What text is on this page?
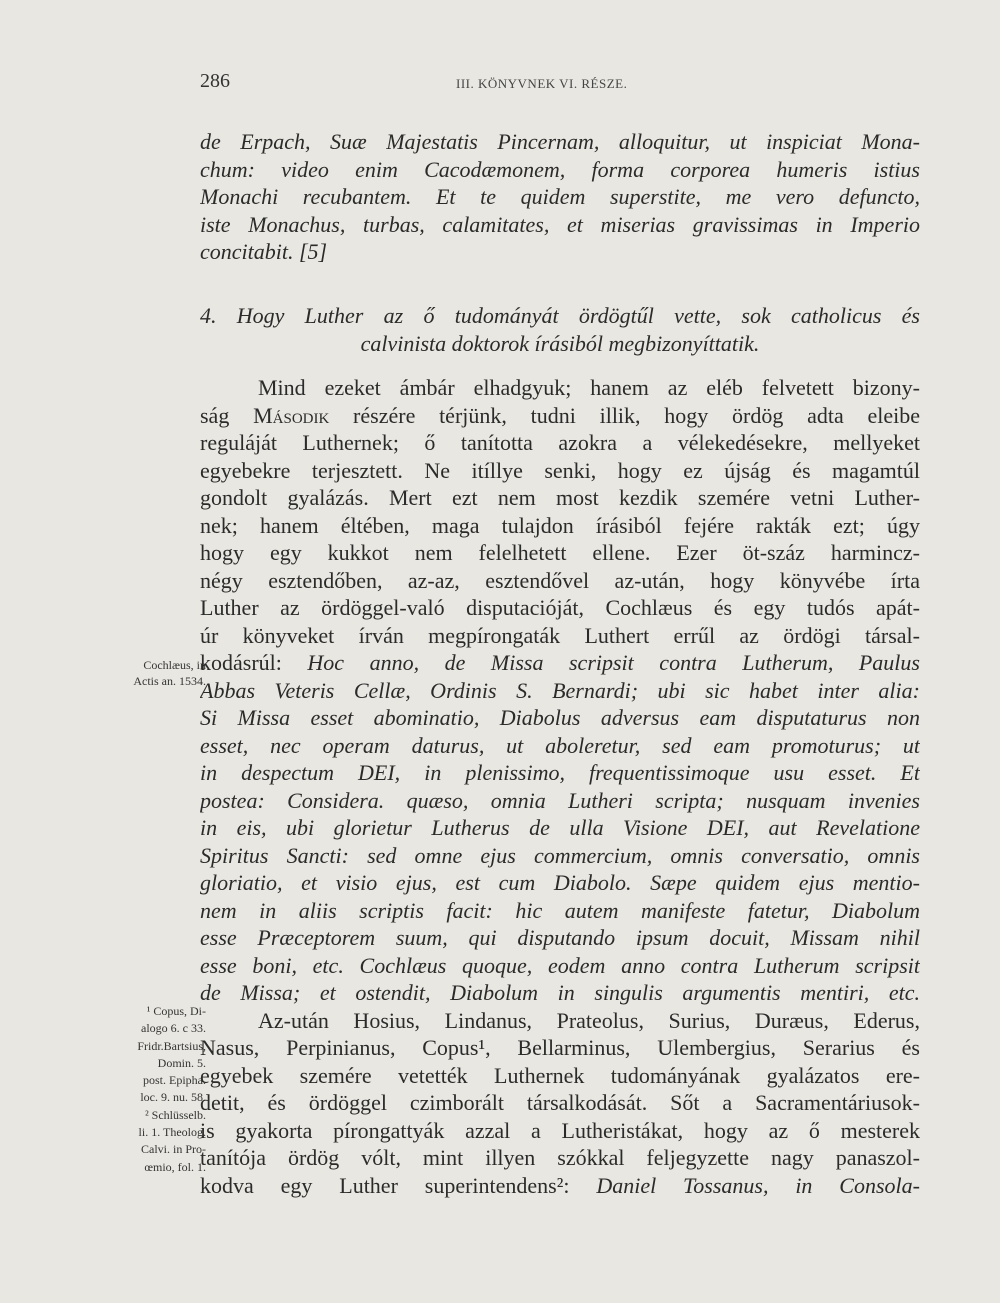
286	III. KÖNYVNEK VI. RÉSZE.
de Erpach, Suæ Majestatis Pincernam, alloquitur, ut inspiciat Mona-
chum: video enim Cacodæmonem, forma corporea humeris istius
Monachi recubantem. Et te quidem superstite, me vero defuncto,
iste Monachus, turbas, calamitates, et miserias gravissimas in Imperio
concitabit. [5]
4. Hogy Luther az ő tudományát ördögtűl vette, sok catholicus és
calvinista doktorok írásiból megbizonyíttatik.
Mind ezeket ámbár elhadgyuk; hanem az eléb felvetett bizony-
ság Második részére térjünk, tudni illik, hogy ördög adta eleibe
reguláját Luthernek; ő tanította azokra a vélekedésekre, mellyeket
egyebekre terjesztett. Ne itíllye senki, hogy ez újság és magamtúl
gondolt gyalázás. Mert ezt nem most kezdik szemére vetni Luther-
nek; hanem éltében, maga tulajdon írásiból fejére rakták ezt; úgy
hogy egy kukkot nem felelhetett ellene. Ezer öt-száz harmincz-
négy esztendőben, az-az, esztendővel az-után, hogy könyvébe írta
Luther az ördöggel-való disputacióját, Cochlæus és egy tudós apát-
úr könyveket írván megpírongaták Luthert errűl az ördögi társal-
kodásrúl: Hoc anno, de Missa scripsit contra Lutherum, Paulus
Abbas Veteris Cellæ, Ordinis S. Bernardi; ubi sic habet inter alia:
Si Missa esset abominatio, Diabolus adversus eam disputaturus non
esset, nec operam daturus, ut aboleretur, sed eam promoturus; ut
in despectum DEI, in plenissimo, frequentissimoque usu esset. Et
postea: Considera. quæso, omnia Lutheri scripta; nusquam invenies
in eis, ubi glorietur Lutherus de ulla Visione DEI, aut Revelatione
Spiritus Sancti: sed omne ejus commercium, omnis conversatio, omnis
gloriatio, et visio ejus, est cum Diabolo. Sæpe quidem ejus mentio-
nem in aliis scriptis facit: hic autem manifeste fatetur, Diabolum
esse Præceptorem suum, qui disputando ipsum docuit, Missam nihil
esse boni, etc. Cochlæus quoque, eodem anno contra Lutherum scripsit
de Missa; et ostendit, Diabolum in singulis argumentis mentiri, etc.
Az-után Hosius, Lindanus, Prateolus, Surius, Duræus, Ederus,
Nasus, Perpinianus, Copus¹, Bellarminus, Ulembergius, Serarius és
egyebek szemére vetették Luthernek tudományának gyalázatos ere-
detit, és ördöggel czimborált társalkodását. Sőt a Sacramentáriusok-
is gyakorta pírongattyák azzal a Lutheristákat, hogy az ő mesterek
tanítója ördög vólt, mint illyen szókkal feljegyzette nagy panaszol-
kodva egy Luther superintendens²: Daniel Tossanus, in Consola-
Cochlæus, in
Actis an. 1534.
¹ Copus, Di-
alogo 6. c 33.
Fridr.Bartsius,
Domin. 5.
post. Epipha.
loc. 9. nu. 58.
² Schlüsselb.
li. 1. Theolog.
Calvi. in Pro-
œmio, fol. 1.
